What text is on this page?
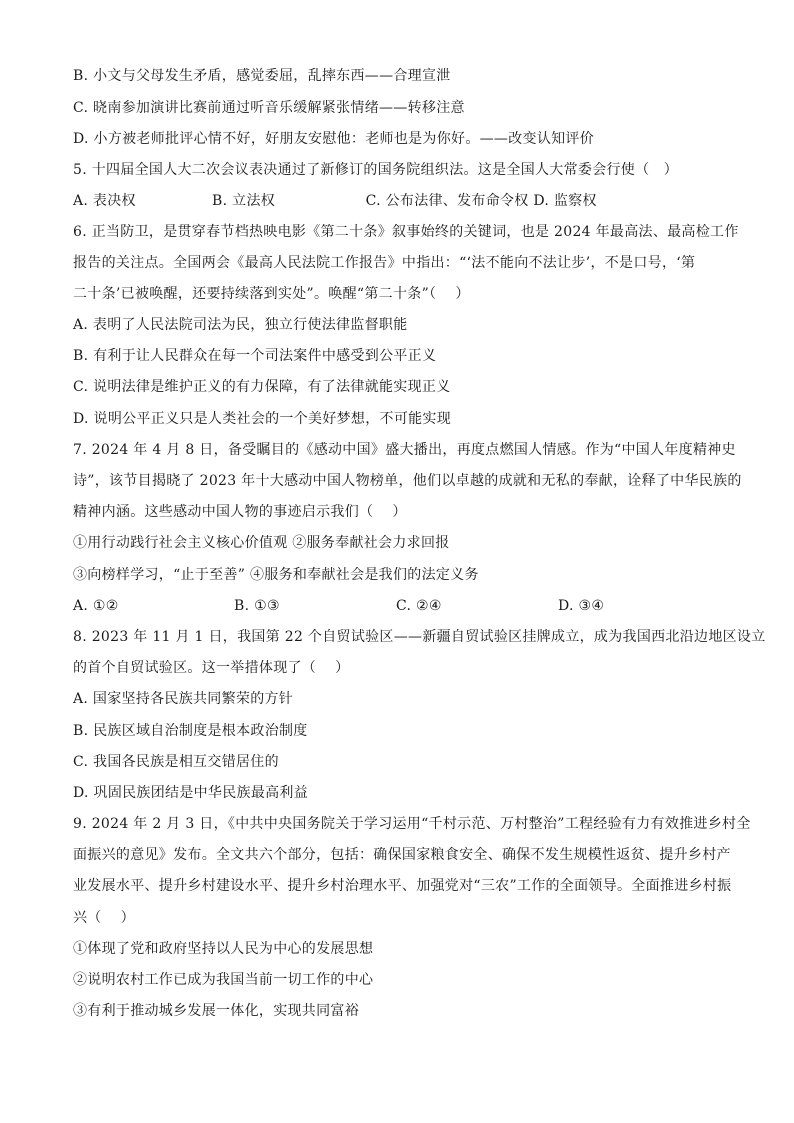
B. 小文与父母发生矛盾，感觉委屈，乱摔东西——合理宣泄
C. 晓南参加演讲比赛前通过听音乐缓解紧张情绪——转移注意
D. 小方被老师批评心情不好，好朋友安慰他：老师也是为你好。——改变认知评价
5. 十四届全国人大二次会议表决通过了新修订的国务院组织法。这是全国人大常委会行使（　）
A. 表决权　　　　　 B. 立法权　　　　　　 C. 公布法律、发布命令权 D. 监察权
6. 正当防卫，是贯穿春节档热映电影《第二十条》叙事始终的关键词，也是 2024 年最高法、最高检工作
报告的关注点。全国两会《最高人民法院工作报告》中指出：“‘法不能向不法让步’，不是口号，‘第
二十条’已被唤醒，还要持续落到实处”。唤醒“第二十条”（　 ）
A. 表明了人民法院司法为民，独立行使法律监督职能
B. 有利于让人民群众在每一个司法案件中感受到公平正义
C. 说明法律是维护正义的有力保障，有了法律就能实现正义
D. 说明公平正义只是人类社会的一个美好梦想，不可能实现
7. 2024 年 4 月 8 日，备受瞩目的《感动中国》盛大播出，再度点燃国人情感。作为“中国人年度精神史
诗”，该节目揭晓了 2023 年十大感动中国人物榜单，他们以卓越的成就和无私的奉献，诠释了中华民族的
精神内涵。这些感动中国人物的事迹启示我们（　 ）
①用行动践行社会主义核心价值观 ②服务奉献社会力求回报
③向榜样学习，“止于至善” ④服务和奉献社会是我们的法定义务
A. ①②	B. ①③	C. ②④	D. ③④
8. 2023 年 11 月 1 日，我国第 22 个自贸试验区——新疆自贸试验区挂牌成立，成为我国西北沿边地区设立
的首个自贸试验区。这一举措体现了（　 ）
A. 国家坚持各民族共同繁荣的方针
B. 民族区域自治制度是根本政治制度
C. 我国各民族是相互交错居住的
D. 巩固民族团结是中华民族最高利益
9. 2024 年 2 月 3 日，《中共中央国务院关于学习运用“千村示范、万村整治”工程经验有力有效推进乡村全
面振兴的意见》发布。全文共六个部分，包括：确保国家粮食安全、确保不发生规模性返贫、提升乡村产
业发展水平、提升乡村建设水平、提升乡村治理水平、加强党对“三农”工作的全面领导。全面推进乡村振
兴（　 ）
①体现了党和政府坚持以人民为中心的发展思想
②说明农村工作已成为我国当前一切工作的中心
③有利于推动城乡发展一体化，实现共同富裕
